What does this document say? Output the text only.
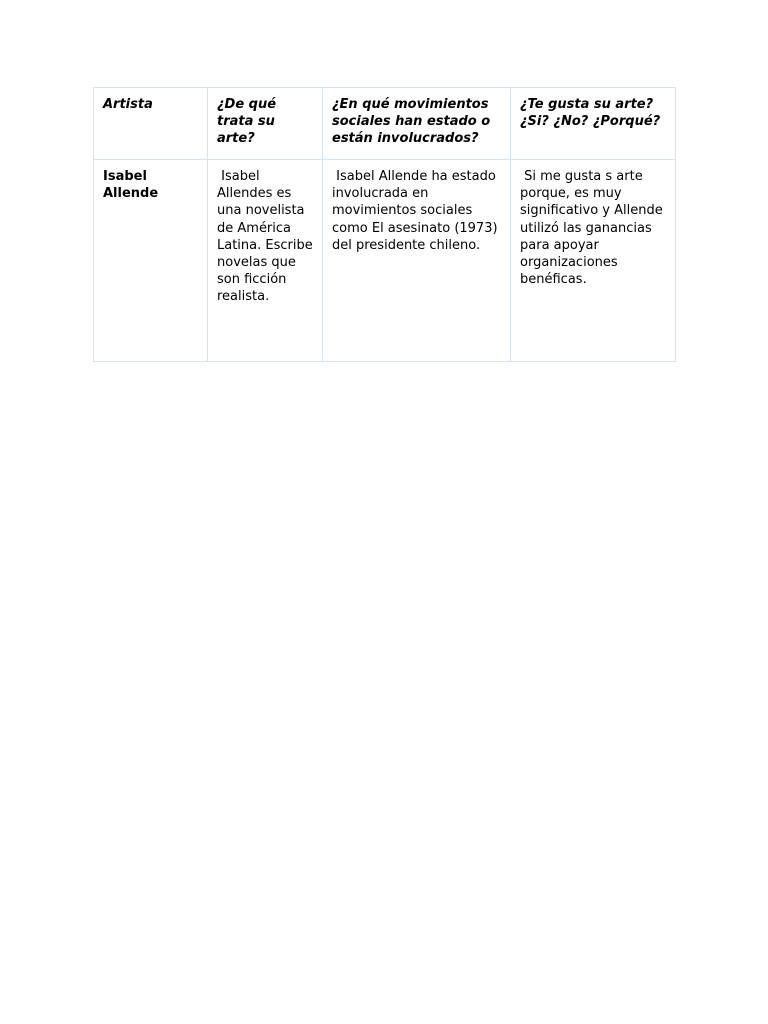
Artista	¿De qué trata su arte?	¿En qué movimientos sociales han estado o están involucrados?	¿Te gusta su arte? ¿Si? ¿No? ¿Porqué?
Isabel Allende	Isabel Allendes es una novelista de América Latina. Escribe novelas que son ficción realista.	Isabel Allende ha estado involucrada en movimientos sociales como El asesinato (1973) del presidente chileno.	Si me gusta s arte porque, es muy significativo y Allende utilizó las ganancias para apoyar organizaciones benéficas.
